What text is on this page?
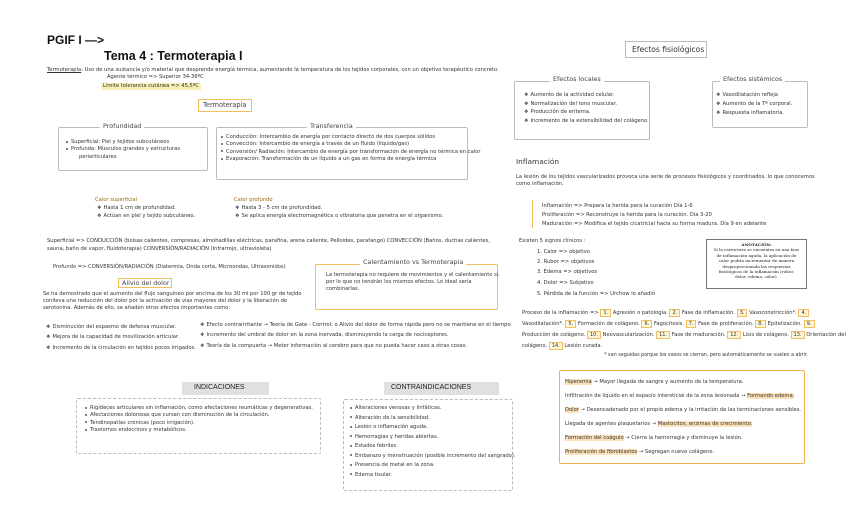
PGIF I —>
Tema 4 : Termoterapia I
Termoterapia: Uso de una sustancia y/o material que desprende energía térmica, aumentando la temperatura de los tejidos corporales, con un objetivo terapéutico concreto.
Agente térmico => Superior 34-36ºC
Límite tolerancia cutánea => 45,5ºC
Termoterapia
Profundidad
Superficial: Piel y tejidos subcutáneos
Profunda: Músculos grandes y estructuras
periarticulares
Transferencia
Conducción: Intercambio de energía por contacto directo de dos cuerpos sólidos
Convección: Intercambio de energía a través de un fluido (líquido/gas)
Conversión/ Radiación: Intercambio de energía por transformación de energía no térmica en calor
Evaporación: Transformación de un líquido a un gas en forma de energía térmica
Calor superficial
❖ Hasta 1 cm de profundidad.
❖ Actúan en piel y tejido subcutáneo.
Calor profundo
❖ Hasta 3 - 5 cm de profundidad.
❖ Se aplica energía electromagnética o vibratoria que penetra en el organismo.
Superficial => CONDUCCIÓN (bolsas calientes, compresas, almohadillas eléctricas, parafina, arena caliente, Pelloides, parafango) CONVECCIÓN (Baños, duchas calientes,
sauna, baño de vapor, fluidoterapia) CONVERSIÓN/RADIACIÓN (Infrarrojo, ultravioleta)
Profundo => CONVERSIÓN/RADIACIÓN (Diatermia, Onda corta, Microondas, Ultrasonidos)
Alivio del dolor
Se ha demostrado que el aumento del flujo sanguíneo por encima de los 30 ml por 100 gr de tejido
conlleva una reducción del dolor por la activación de vías mayores del dolor y la liberación de
serotonina. Además de ello, se añaden otros efectos importantes como:
❖ Disminución del espasmo de defensa muscular.
❖ Mejora de la capacidad de movilización articular.
❖ Incremento de la circulación en tejidos pocos irrigados.
❖ Efecto contrairritante → Teoría de Gate - Control: o Alivio del dolor de forma rápida pero no se mantiene en el tiempo
❖ Incremento del umbral de dolor en la zona inervada, disminuyendo la carga de nociceptores.
❖ Teoría de la compuerta → Meter información al cerebro para que no pueda hacer caso a otras cosas.
Calentamiento vs Termoterapia
La termoterapia no requiere de movimientos y el calentamiento sí,
por lo que no tendrán los mismos efectos. Lo ideal sería
combinarlas.
INDICACIONES
Rigideces articulares sin inflamación, como afectaciones reumáticas y degenerativas.
Afectaciones dolorosas que cursan con disminución de la circulación.
Tendinopatías crónicas (poco irrigación).
Trastornos endocrinos y metabólicos.
CONTRAINDICACIONES
Alteraciones venosas y linfáticas.
Alteración de la sensibilidad.
Lesión o inflamación aguda.
Hemorragias y heridas abiertas.
Estados febriles.
Embarazo y menstruación (posible incremento del sangrado).
Presencia de metal en la zona.
Edema tisular.
Efectos fisiológicos
Efectos locales
❖ Aumento de la actividad celular.
❖ Normalización del tono muscular.
❖ Producción de eritema.
❖ Incremento de la extensibilidad del colágeno.
Efectos sistémicos
❖ Vasodilatación refleja
❖ Aumento de la Tª corporal.
❖ Respuesta inflamatoria.
Inflamación
La lesión de los tejidos vascularizados provoca una serie de procesos fisiológicos y coordinados, lo que conocemos
como inflamación.
Inflamación => Prepara la herida para la curación Día 1-6
Proliferación => Reconstruye la herida para la curación. Día 3-20
Maduración => Modifica el tejido cicatricial hacia su forma madura. Día 9 en adelante
Existen 5 signos clínicos :
1. Calor => objetivo
2. Rubor => objetivos
3. Edema => objetivos
4. Dolor => Subjetivo
5. Pérdida de la función => Urchow lo añadió
ANOTACIÓN:
Si la estructura se encuentra en una fase
de inflamación aguda, la aplicación de
calor podría incrementar de manera
desproporcionada las respuestas
fisiológicas de la inflamación (rubor,
dolor, edema, calor).
Proceso de la inflamación => 1. Agresión o patología. 2. Fase de inflamación. 3. Vasoconstricción*. 4.
Vasodilatación*. 5. Formación de colágeno. 6. Fagocitosis. 7. Fase de proliferación. 8. Epitelización. 9.
Producción de colágeno. 10. Neovascularización. 11. Fase de maduración. 12. Lisis de colágeno. 13. Orientación del
colágeno. 14. Lesión curada.
* van seguidas porque los vasos se cierran, pero automáticamente se vuelen a abrir.
Hiperemia → Mayor llegada de sangre y aumento de la temperatura.
Infiltración de líquido en el espacio intersticial de la zona lesionada → Formando edema.
Dolor → Desencadenado por el propio edema y la irritación de las terminaciones sensibles.
Llegada de agentes plaquetarios → Mastocitos, enzimas de crecimiento.
Formación del coágulo → Cierra la hemorragia y disminuye la lesión.
Proliferación de fibroblastos → Segregan nuevo colágeno.
